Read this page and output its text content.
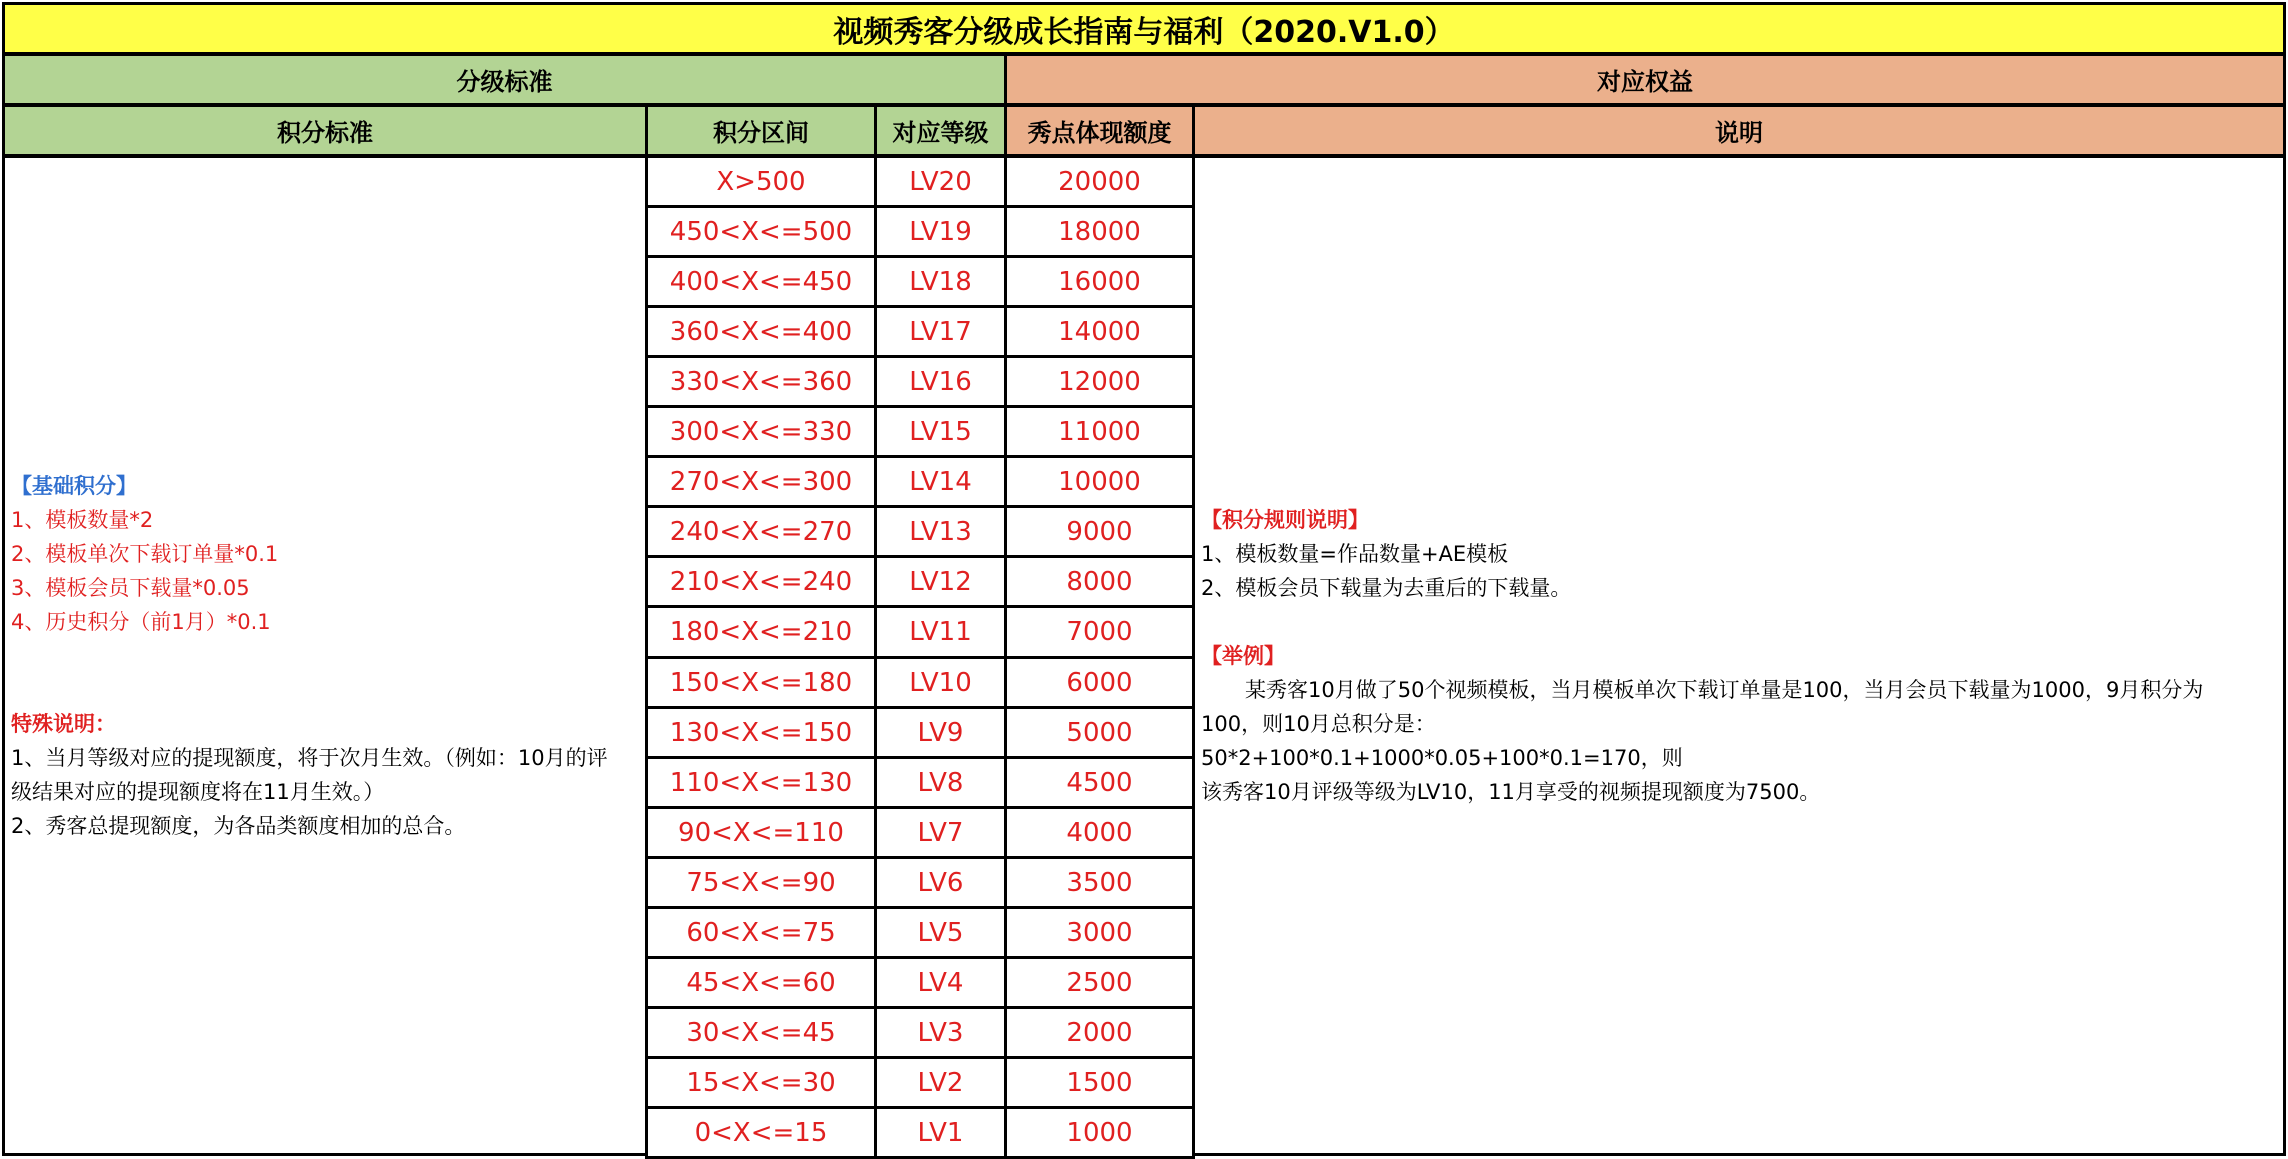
视频秀客分级成长指南与福利（2020.V1.0）
分级标准	对应权益
积分标准	积分区间	对应等级	秀点体现额度	说明
【基础积分】
1、模板数量*2
2、模板单次下载订单量*0.1
3、模板会员下载量*0.05
4、历史积分（前1月）*0.1
特殊说明：
1、当月等级对应的提现额度，将于次月生效。（例如：10月的评
级结果对应的提现额度将在11月生效。）
2、秀客总提现额度，为各品类额度相加的总合。
X>500	LV20	20000
450<X<=500	LV19	18000
400<X<=450	LV18	16000
360<X<=400	LV17	14000
330<X<=360	LV16	12000
300<X<=330	LV15	11000
270<X<=300	LV14	10000
240<X<=270	LV13	9000
210<X<=240	LV12	8000
180<X<=210	LV11	7000
150<X<=180	LV10	6000
130<X<=150	LV9	5000
110<X<=130	LV8	4500
90<X<=110	LV7	4000
75<X<=90	LV6	3500
60<X<=75	LV5	3000
45<X<=60	LV4	2500
30<X<=45	LV3	2000
15<X<=30	LV2	1500
0<X<=15	LV1	1000
【积分规则说明】
1、模板数量=作品数量+AE模板
2、模板会员下载量为去重后的下载量。
【举例】
某秀客10月做了50个视频模板，当月模板单次下载订单量是100，当月会员下载量为1000，9月积分为
100，则10月总积分是：
50*2+100*0.1+1000*0.05+100*0.1=170，则
该秀客10月评级等级为LV10，11月享受的视频提现额度为7500。
